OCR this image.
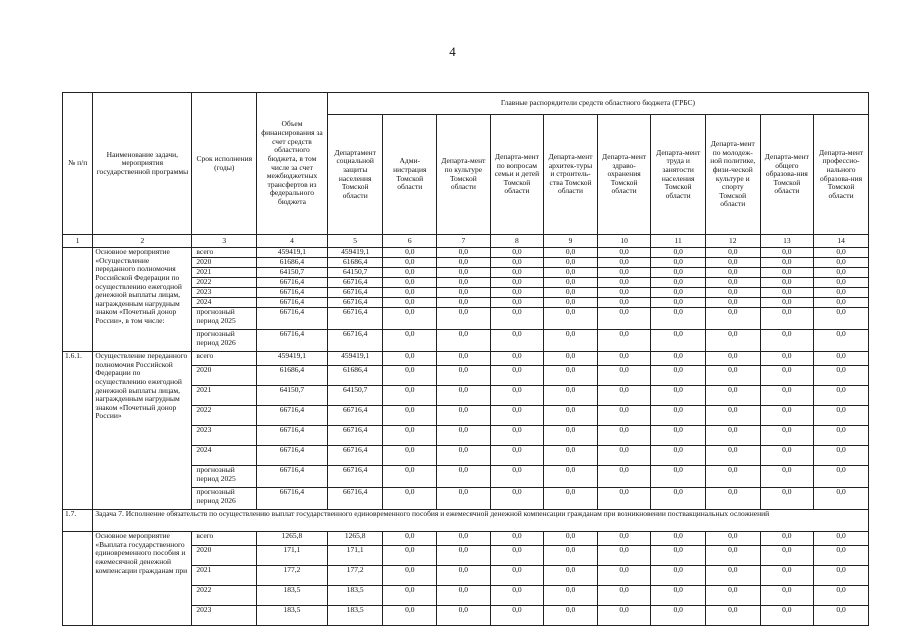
4
№ п/п	Наименование задачи, мероприятия государственной программы	Срок исполнения (годы)	Объем финансирования за счет средств областного бюджета, в том числе за счет межбюджетных трансфертов из федерального бюджета	Главные распорядители средств областного бюджета (ГРБС)									
				Департамент социальной защиты населения Томской области	Адми-нистрация Томской области	Департа-мент по культуре Томской области	Департа-мент по вопросам семьи и детей Томской области	Департа-мент архитек-туры и строитель-ства Томской области	Департа-мент здраво-охранения Томской области	Департа-мент труда и занятости населения Томской области	Департа-мент по молодеж-ной политике, физи-ческой культуре и спорту Томской области	Департа-мент общего образова-ния Томской области	Департа-мент профессио-нального образова-ния Томской области
1	2	3	4	5	6	7	8	9	10	11	12	13	14
	Основное мероприятие «Осуществление переданного полномочия Российской Федерации по осуществлению ежегодной денежной выплаты лицам, награжденным нагрудным знаком «Почетный донор России», в том числе:	всего	459419,1	459419,1	0,0	0,0	0,0	0,0	0,0	0,0	0,0	0,0	0,0
		2020	61686,4	61686,4	0,0	0,0	0,0	0,0	0,0	0,0	0,0	0,0	0,0
		2021	64150,7	64150,7	0,0	0,0	0,0	0,0	0,0	0,0	0,0	0,0	0,0
		2022	66716,4	66716,4	0,0	0,0	0,0	0,0	0,0	0,0	0,0	0,0	0,0
		2023	66716,4	66716,4	0,0	0,0	0,0	0,0	0,0	0,0	0,0	0,0	0,0
		2024	66716,4	66716,4	0,0	0,0	0,0	0,0	0,0	0,0	0,0	0,0	0,0
		прогнозный период 2025	66716,4	66716,4	0,0	0,0	0,0	0,0	0,0	0,0	0,0	0,0	0,0
		прогнозный период 2026	66716,4	66716,4	0,0	0,0	0,0	0,0	0,0	0,0	0,0	0,0	0,0
1.6.1.	Осуществление переданного полномочия Российской Федерации по осуществлению ежегодной денежной выплаты лицам, награжденным нагрудным знаком «Почетный донор России»	всего	459419,1	459419,1	0,0	0,0	0,0	0,0	0,0	0,0	0,0	0,0	0,0
		2020	61686,4	61686,4	0,0	0,0	0,0	0,0	0,0	0,0	0,0	0,0	0,0
		2021	64150,7	64150,7	0,0	0,0	0,0	0,0	0,0	0,0	0,0	0,0	0,0
		2022	66716,4	66716,4	0,0	0,0	0,0	0,0	0,0	0,0	0,0	0,0	0,0
		2023	66716,4	66716,4	0,0	0,0	0,0	0,0	0,0	0,0	0,0	0,0	0,0
		2024	66716,4	66716,4	0,0	0,0	0,0	0,0	0,0	0,0	0,0	0,0	0,0
		прогнозный период 2025	66716,4	66716,4	0,0	0,0	0,0	0,0	0,0	0,0	0,0	0,0	0,0
		прогнозный период 2026	66716,4	66716,4	0,0	0,0	0,0	0,0	0,0	0,0	0,0	0,0	0,0
1.7.	Задача 7. Исполнение обязательств по осуществлению выплат государственного единовременного пособия и ежемесячной денежной компенсации гражданам при возникновении поствакцинальных осложнений												
	Основное мероприятие «Выплата государственного единовременного пособия и ежемесячной денежной компенсации гражданам при	всего	1265,8	1265,8	0,0	0,0	0,0	0,0	0,0	0,0	0,0	0,0	0,0
		2020	171,1	171,1	0,0	0,0	0,0	0,0	0,0	0,0	0,0	0,0	0,0
		2021	177,2	177,2	0,0	0,0	0,0	0,0	0,0	0,0	0,0	0,0	0,0
		2022	183,5	183,5	0,0	0,0	0,0	0,0	0,0	0,0	0,0	0,0	0,0
		2023	183,5	183,5	0,0	0,0	0,0	0,0	0,0	0,0	0,0	0,0	0,0
